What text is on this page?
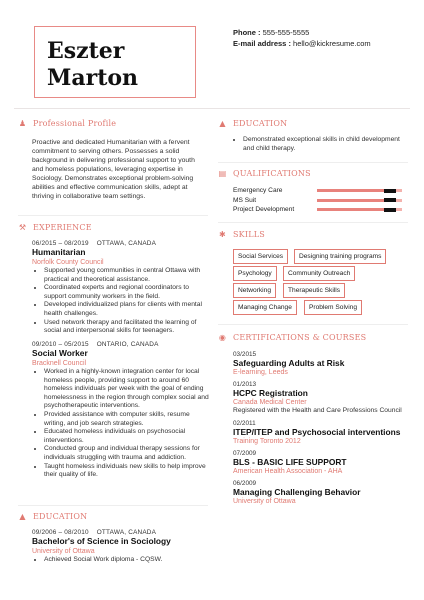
Eszter
Marton
Phone : 555-555-5555
E-mail address : hello@kickresume.com
♟ Professional Profile
Proactive and dedicated Humanitarian with a fervent commitment to serving others. Possesses a solid background in delivering professional support to youth and homeless populations, leveraging expertise in Sociology. Demonstrates exceptional problem-solving abilities and effective communication skills, adept at thriving in collaborative team settings.
⚒ EXPERIENCE
06/2015 – 08/2019 OTTAWA, CANADA
Humanitarian
Norfolk County Council
• Supported young communities in central Ottawa with practical and theoretical assistance.
• Coordinated experts and regional coordinators to support community workers in the field.
• Developed individualized plans for clients with mental health challenges.
• Used network therapy and facilitated the learning of social and interpersonal skills for teenagers.
09/2010 – 05/2015 ONTARIO, CANADA
Social Worker
Bracknell Council
• Worked in a highly-known integration center for local homeless people, providing support to around 60 homeless individuals per week with the goal of ending homelessness in the region through complex social and psychotherapeutic interventions.
• Provided assistance with computer skills, resume writing, and job search strategies.
• Educated homeless individuals on psychosocial interventions.
• Conducted group and individual therapy sessions for individuals struggling with trauma and addiction.
• Taught homeless individuals new skills to help improve their quality of life.
▲ EDUCATION
09/2006 – 08/2010 OTTAWA, CANADA
Bachelor's of Science in Sociology
University of Ottawa
• Achieved Social Work diploma - CQSW.
▲ EDUCATION
• Demonstrated exceptional skills in child development and child therapy.
▤ QUALIFICATIONS
Emergency Care
MS Suit
Project Development
✱ SKILLS
Social Services	Designing training programs
Psychology	Community Outreach
Networking	Therapeutic Skills
Managing Change	Problem Solving
◉ CERTIFICATIONS & COURSES
03/2015
Safeguarding Adults at Risk
E-learning, Leeds
01/2013
HCPC Registration
Canada Medical Center
Registered with the Health and Care Professions Council
02/2011
ITEP/ITEP and Psychosocial interventions
Training Toronto 2012
07/2009
BLS - BASIC LIFE SUPPORT
American Health Association - AHA
06/2009
Managing Challenging Behavior
University of Ottawa
